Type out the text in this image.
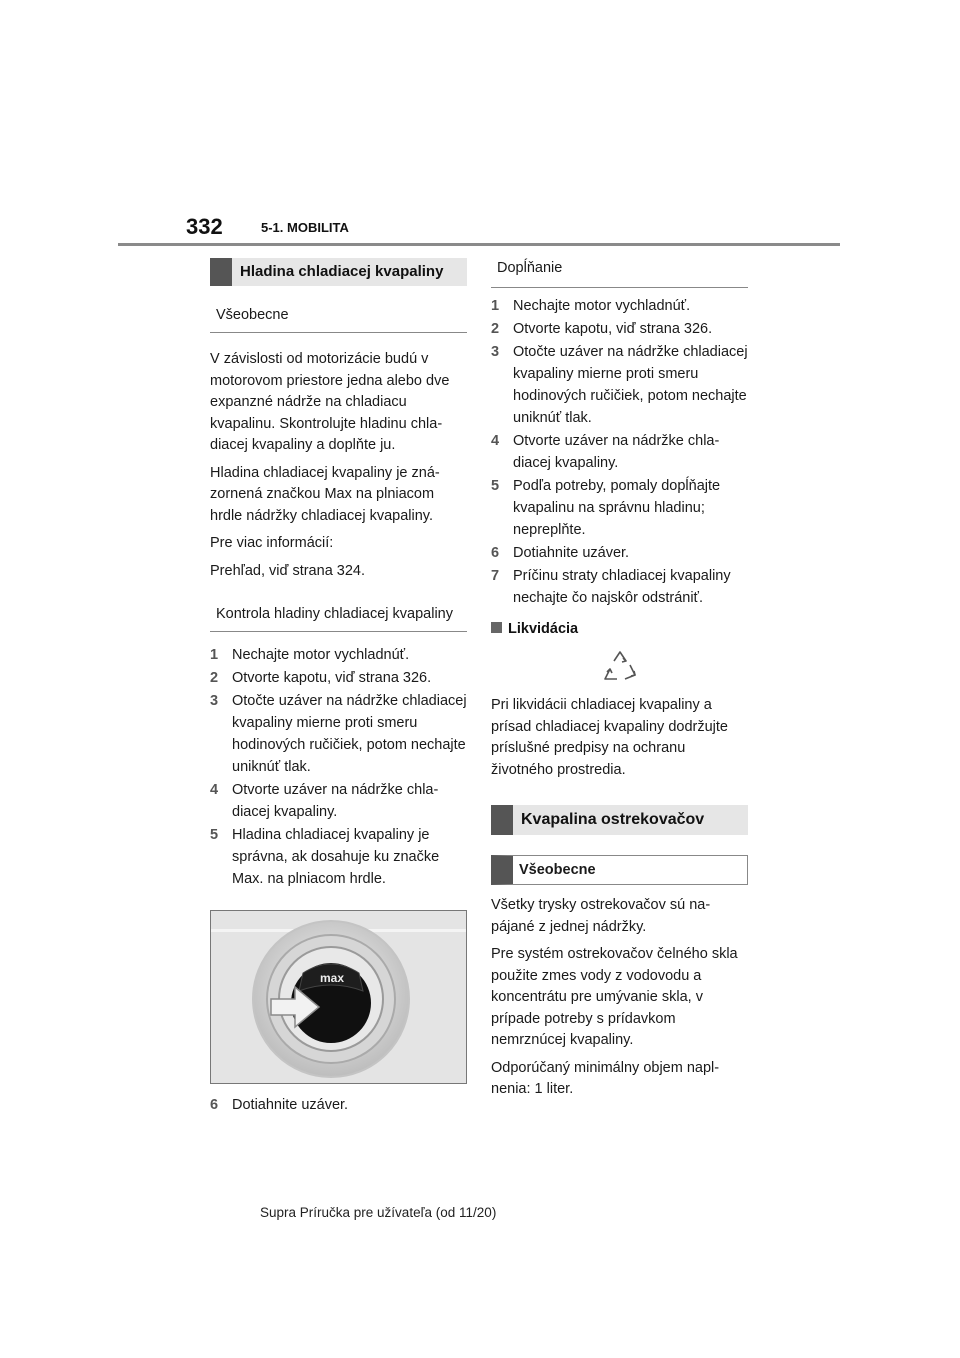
332	5-1. MOBILITA
Hladina chladiacej kvapaliny
Všeobecne

V závislosti od motorizácie budú v motorovom priestore jedna alebo dve expanzné nádrže na chladiacu kvapalinu. Skontrolujte hladinu chladiacej kvapaliny a doplňte ju.

Hladina chladiacej kvapaliny je znázornená značkou Max na plniacom hrdle nádržky chladiacej kvapaliny.

Pre viac informácií:

Prehľad, viď strana 324.

Kontrola hladiny chladiacej kvapaliny
1 Nechajte motor vychladnúť.
2 Otvorte kapotu, viď strana 326.
3 Otočte uzáver na nádržke chladiacej kvapaliny mierne proti smeru hodinových ručičiek, potom nechajte uniknúť tlak.
4 Otvorte uzáver na nádržke chladiacej kvapaliny.
5 Hladina chladiacej kvapaliny je správna, ak dosahuje ku značke Max. na plniacom hrdle.
max
6 Dotiahnite uzáver.
Dopĺňanie
1 Nechajte motor vychladnúť.
2 Otvorte kapotu, viď strana 326.
3 Otočte uzáver na nádržke chladiacej kvapaliny mierne proti smeru hodinových ručičiek, potom nechajte uniknúť tlak.
4 Otvorte uzáver na nádržke chladiacej kvapaliny.
5 Podľa potreby, pomaly dopĺňajte kvapalinu na správnu hladinu; nepreplňte.
6 Dotiahnite uzáver.
7 Príčinu straty chladiacej kvapaliny nechajte čo najskôr odstrániť.
Likvidácia

Pri likvidácii chladiacej kvapaliny a prísad chladiacej kvapaliny dodržujte príslušné predpisy na ochranu životného prostredia.

Kvapalina ostrekovačov
Všeobecne

Všetky trysky ostrekovačov sú napájané z jednej nádržky.

Pre systém ostrekovačov čelného skla použite zmes vody z vodovodu a koncentrátu pre umývanie skla, v prípade potreby s prídavkom nemrznúcej kvapaliny.

Odporúčaný minimálny objem naplnenia: 1 liter.

Supra Príručka pre užívateľa (od 11/20)
